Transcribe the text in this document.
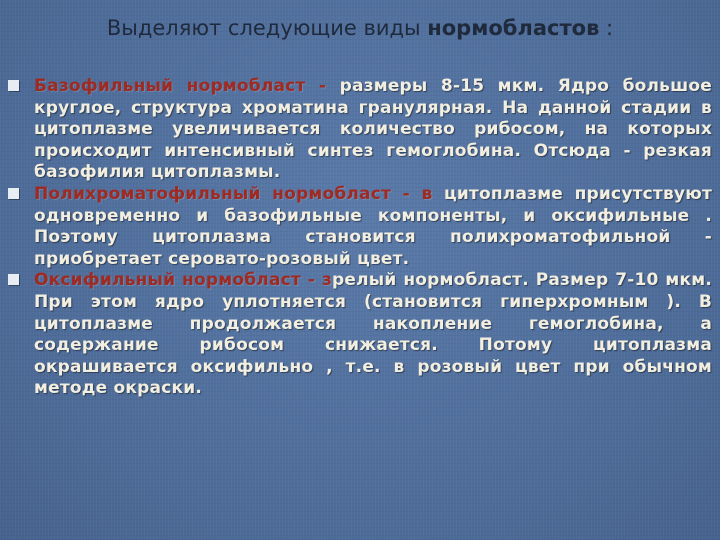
Выделяют следующие виды нормобластов :
Базофильный нормобласт - размеры 8-15 мкм. Ядро большое круглое, структура хроматина гранулярная. На данной стадии в цитоплазме увеличивается количество рибосом, на которых происходит интенсивный синтез гемоглобина. Отсюда - резкая базофилия цитоплазмы.
Полихроматофильный нормобласт - в цитоплазме присутствуют одновременно и базофильные компоненты, и оксифильные . Поэтому цитоплазма становится полихроматофильной - приобретает серовато-розовый цвет.
Оксифильный нормобласт - зрелый нормобласт. Размер 7-10 мкм. При этом ядро уплотняется (становится гиперхромным ). В цитоплазме продолжается накопление гемоглобина, а содержание рибосом снижается. Потому цитоплазма окрашивается оксифильно , т.е. в розовый цвет при обычном методе окраски.
